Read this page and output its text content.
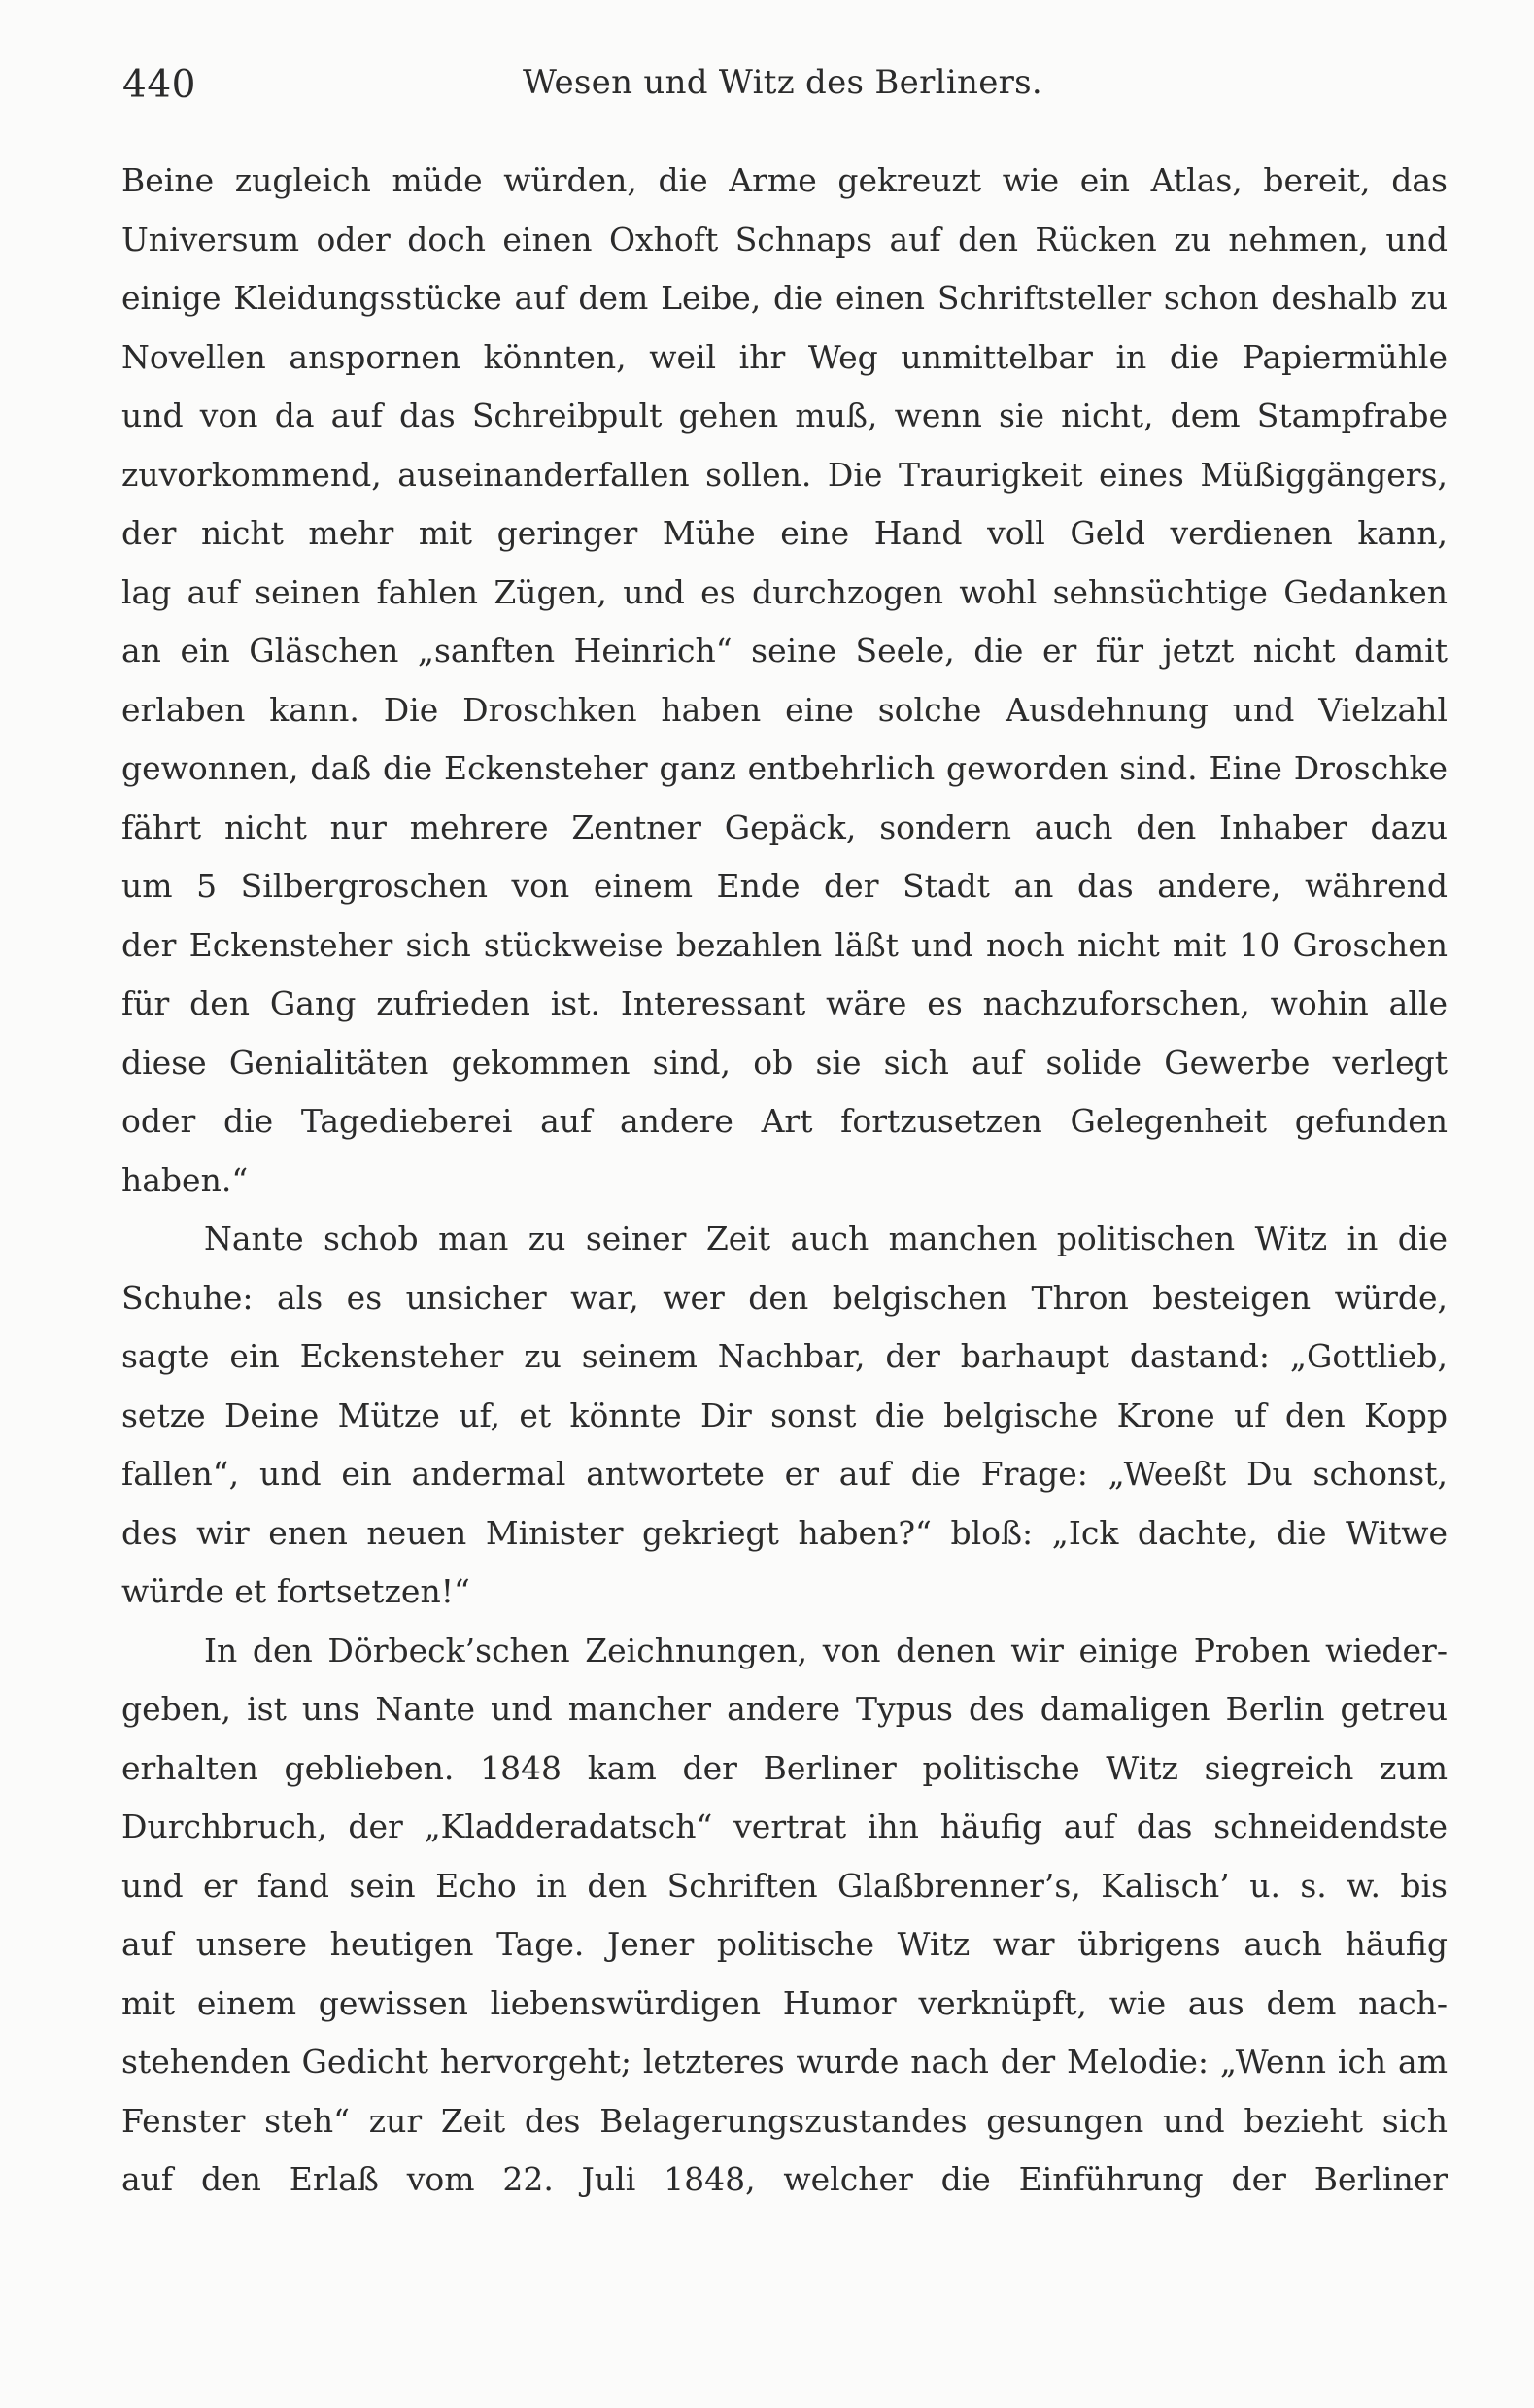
440	Wesen und Witz des Berliners.
Beine zugleich müde würden, die Arme gekreuzt wie ein Atlas, bereit, das
Universum oder doch einen Oxhoft Schnaps auf den Rücken zu nehmen, und
einige Kleidungsstücke auf dem Leibe, die einen Schriftsteller schon deshalb zu
Novellen anspornen könnten, weil ihr Weg unmittelbar in die Papiermühle
und von da auf das Schreibpult gehen muß, wenn sie nicht, dem Stampfrabe
zuvorkommend, auseinanderfallen sollen. Die Traurigkeit eines Müßiggängers,
der nicht mehr mit geringer Mühe eine Hand voll Geld verdienen kann,
lag auf seinen fahlen Zügen, und es durchzogen wohl sehnsüchtige Gedanken
an ein Gläschen „sanften Heinrich“ seine Seele, die er für jetzt nicht damit
erlaben kann. Die Droschken haben eine solche Ausdehnung und Vielzahl
gewonnen, daß die Eckensteher ganz entbehrlich geworden sind. Eine Droschke
fährt nicht nur mehrere Zentner Gepäck, sondern auch den Inhaber dazu
um 5 Silbergroschen von einem Ende der Stadt an das andere, während
der Eckensteher sich stückweise bezahlen läßt und noch nicht mit 10 Groschen
für den Gang zufrieden ist. Interessant wäre es nachzuforschen, wohin alle
diese Genialitäten gekommen sind, ob sie sich auf solide Gewerbe verlegt
oder die Tagedieberei auf andere Art fortzusetzen Gelegenheit gefunden
haben.“
Nante schob man zu seiner Zeit auch manchen politischen Witz in die
Schuhe: als es unsicher war, wer den belgischen Thron besteigen würde,
sagte ein Eckensteher zu seinem Nachbar, der barhaupt dastand: „Gottlieb,
setze Deine Mütze uf, et könnte Dir sonst die belgische Krone uf den Kopp
fallen“, und ein andermal antwortete er auf die Frage: „Weeßt Du schonst,
des wir enen neuen Minister gekriegt haben?“ bloß: „Ick dachte, die Witwe
würde et fortsetzen!“
In den Dörbeck’schen Zeichnungen, von denen wir einige Proben wieder-
geben, ist uns Nante und mancher andere Typus des damaligen Berlin getreu
erhalten geblieben. 1848 kam der Berliner politische Witz siegreich zum
Durchbruch, der „Kladderadatsch“ vertrat ihn häufig auf das schneidendste
und er fand sein Echo in den Schriften Glaßbrenner’s, Kalisch’ u. s. w. bis
auf unsere heutigen Tage. Jener politische Witz war übrigens auch häufig
mit einem gewissen liebenswürdigen Humor verknüpft, wie aus dem nach-
stehenden Gedicht hervorgeht; letzteres wurde nach der Melodie: „Wenn ich am
Fenster steh“ zur Zeit des Belagerungszustandes gesungen und bezieht sich
auf den Erlaß vom 22. Juli 1848, welcher die Einführung der Berliner
